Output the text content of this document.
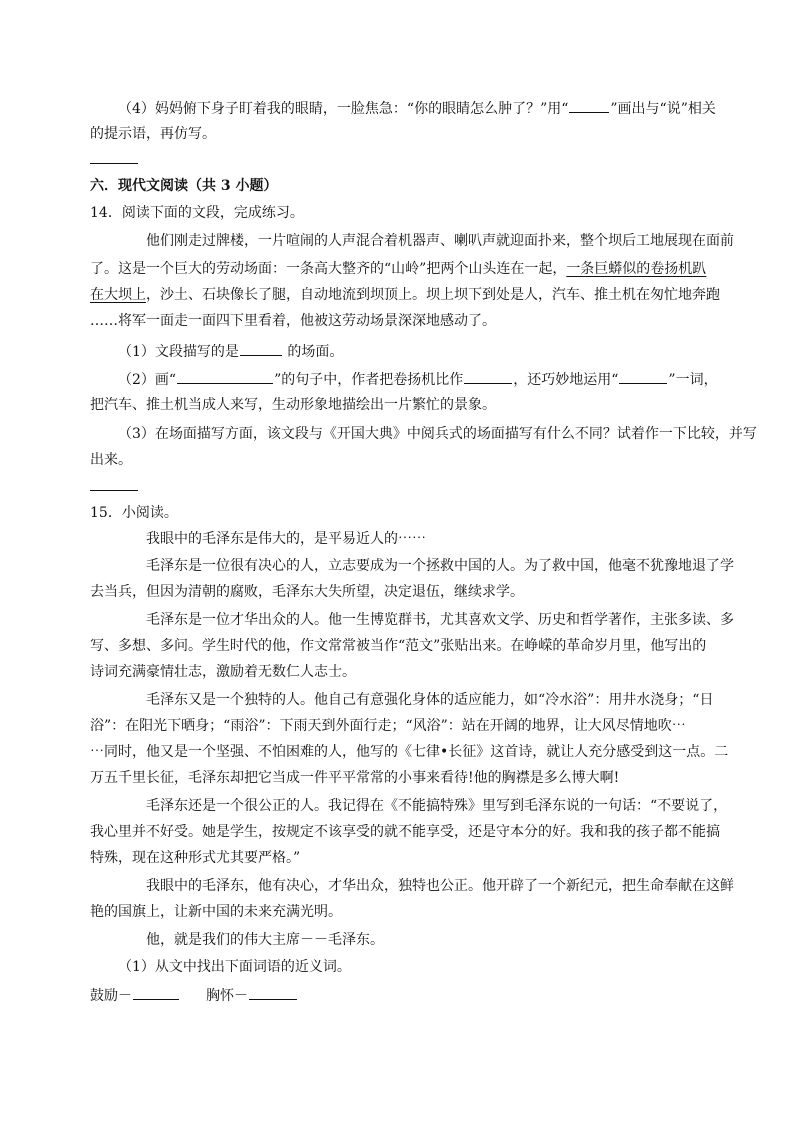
（4）妈妈俯下身子盯着我的眼睛，一脸焦急：“你的眼睛怎么肿了？”用“	”画出与“说”相关
的提示语，再仿写。
六．现代文阅读（共 3 小题）
14．阅读下面的文段，完成练习。
他们刚走过牌楼，一片喧闹的人声混合着机器声、喇叭声就迎面扑来，整个坝后工地展现在面前
了。这是一个巨大的劳动场面：一条高大整齐的“山岭”把两个山头连在一起，一条巨蟒似的卷扬机趴
在大坝上，沙土、石块像长了腿，自动地流到坝顶上。坝上坝下到处是人，汽车、推土机在匆忙地奔跑
……将军一面走一面四下里看着，他被这劳动场景深深地感动了。
（1）文段描写的是	的场面。
（2）画“	”的句子中，作者把卷扬机比作	，还巧妙地运用“	”一词，
把汽车、推土机当成人来写，生动形象地描绘出一片繁忙的景象。
（3）在场面描写方面，该文段与《开国大典》中阅兵式的场面描写有什么不同？试着作一下比较，并写
出来。
15．小阅读。
我眼中的毛泽东是伟大的，是平易近人的⋯⋯
毛泽东是一位很有决心的人，立志要成为一个拯救中国的人。为了救中国，他毫不犹豫地退了学
去当兵，但因为清朝的腐败，毛泽东大失所望，决定退伍，继续求学。
毛泽东是一位才华出众的人。他一生博览群书，尤其喜欢文学、历史和哲学著作，主张多读、多
写、多想、多问。学生时代的他，作文常常被当作“范文”张贴出来。在峥嵘的革命岁月里，他写出的
诗词充满豪情壮志，激励着无数仁人志士。
毛泽东又是一个独特的人。他自己有意强化身体的适应能力，如“冷水浴”：用井水浇身；“日
浴”：在阳光下晒身；“雨浴”：下雨天到外面行走；“风浴”：站在开阔的地界，让大风尽情地吹⋯
⋯同时，他又是一个坚强、不怕困难的人，他写的《七律•长征》这首诗，就让人充分感受到这一点。二
万五千里长征，毛泽东却把它当成一件平平常常的小事来看待!他的胸襟是多么博大啊!
毛泽东还是一个很公正的人。我记得在《不能搞特殊》里写到毛泽东说的一句话：“不要说了，
我心里并不好受。她是学生，按规定不该享受的就不能享受，还是守本分的好。我和我的孩子都不能搞
特殊，现在这种形式尤其要严格。”
我眼中的毛泽东，他有决心，才华出众，独特也公正。他开辟了一个新纪元，把生命奉献在这鲜
艳的国旗上，让新中国的未来充满光明。
他，就是我们的伟大主席－－毛泽东。
（1）从文中找出下面词语的近义词。
鼓励－	胸怀－
